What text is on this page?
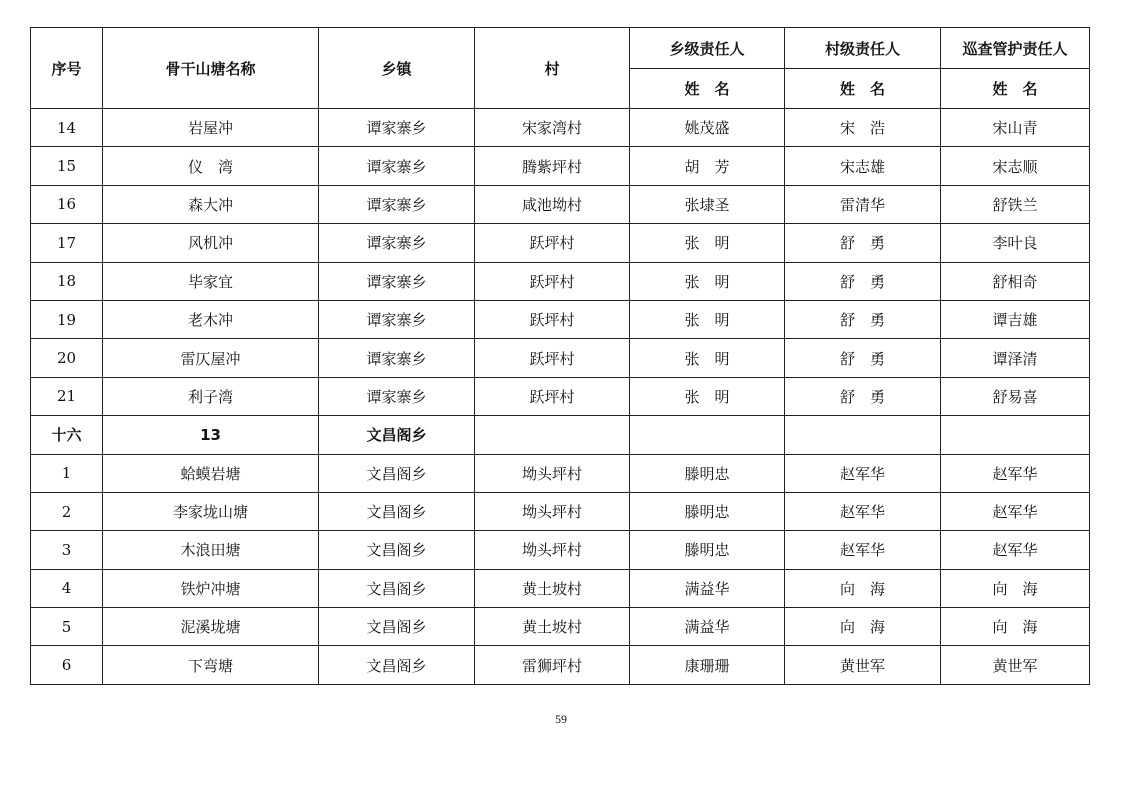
序号	骨干山塘名称	乡镇	村	乡级责任人	村级责任人	巡查管护责任人
				姓　名	姓　名	姓　名
14	岩屋冲	谭家寨乡	宋家湾村	姚茂盛	宋　浩	宋山青
15	仪　湾	谭家寨乡	腾紫坪村	胡　芳	宋志雄	宋志顺
16	森大冲	谭家寨乡	咸池坳村	张埭圣	雷清华	舒铁兰
17	风机冲	谭家寨乡	跃坪村	张　明	舒　勇	李叶良
18	毕家宜	谭家寨乡	跃坪村	张　明	舒　勇	舒相奇
19	老木冲	谭家寨乡	跃坪村	张　明	舒　勇	谭吉雄
20	雷仄屋冲	谭家寨乡	跃坪村	张　明	舒　勇	谭泽清
21	利子湾	谭家寨乡	跃坪村	张　明	舒　勇	舒易喜
十六	13	文昌阁乡				
1	蛤蟆岩塘	文昌阁乡	坳头坪村	滕明忠	赵军华	赵军华
2	李家垅山塘	文昌阁乡	坳头坪村	滕明忠	赵军华	赵军华
3	木浪田塘	文昌阁乡	坳头坪村	滕明忠	赵军华	赵军华
4	铁炉冲塘	文昌阁乡	黄土坡村	满益华	向　海	向　海
5	泥溪垅塘	文昌阁乡	黄土坡村	满益华	向　海	向　海
6	下弯塘	文昌阁乡	雷狮坪村	康珊珊	黄世军	黄世军
59
